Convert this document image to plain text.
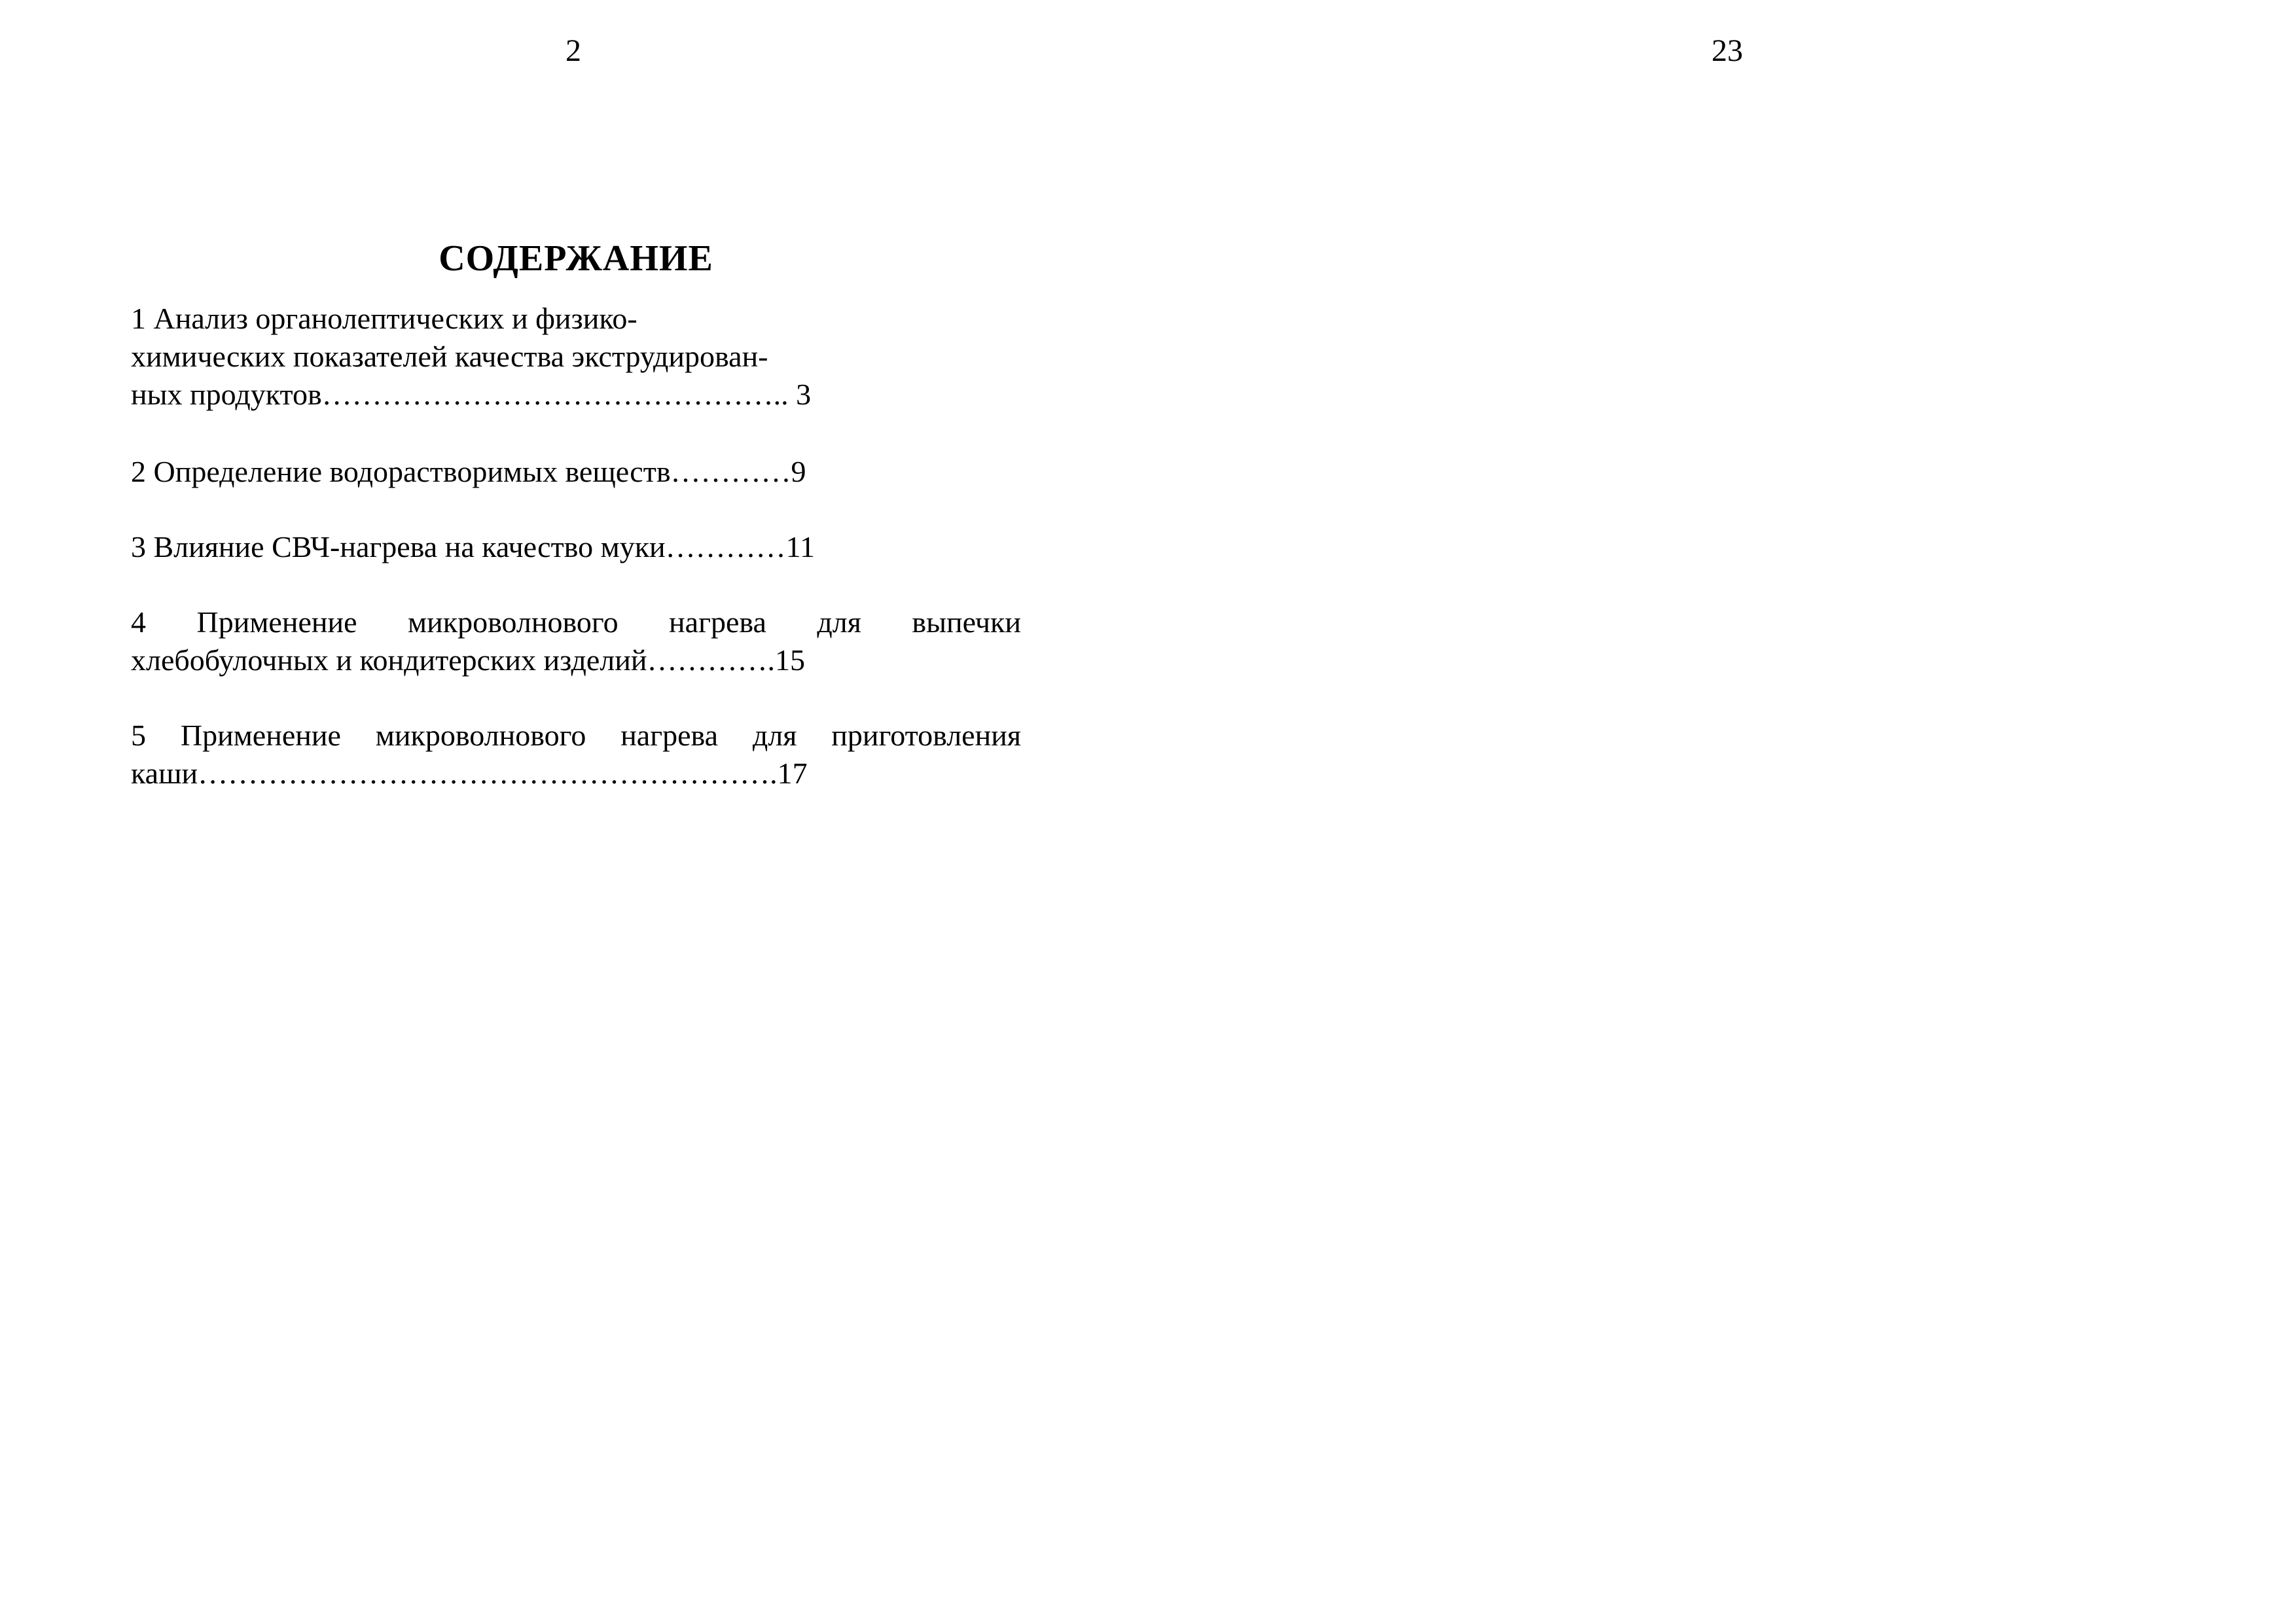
2	23
СОДЕРЖАНИЕ
1 Анализ органолептических и физико-
химических показателей качества экструдирован-
ных продуктов……………………………………….. 3
2 Определение водорастворимых веществ…………9
3 Влияние СВЧ-нагрева на качество муки…………11
4 Применение микроволнового нагрева для выпечки
хлебобулочных и кондитерских изделий………….15
5 Применение микроволнового нагрева для приготовления
каши………………………………………………….17
